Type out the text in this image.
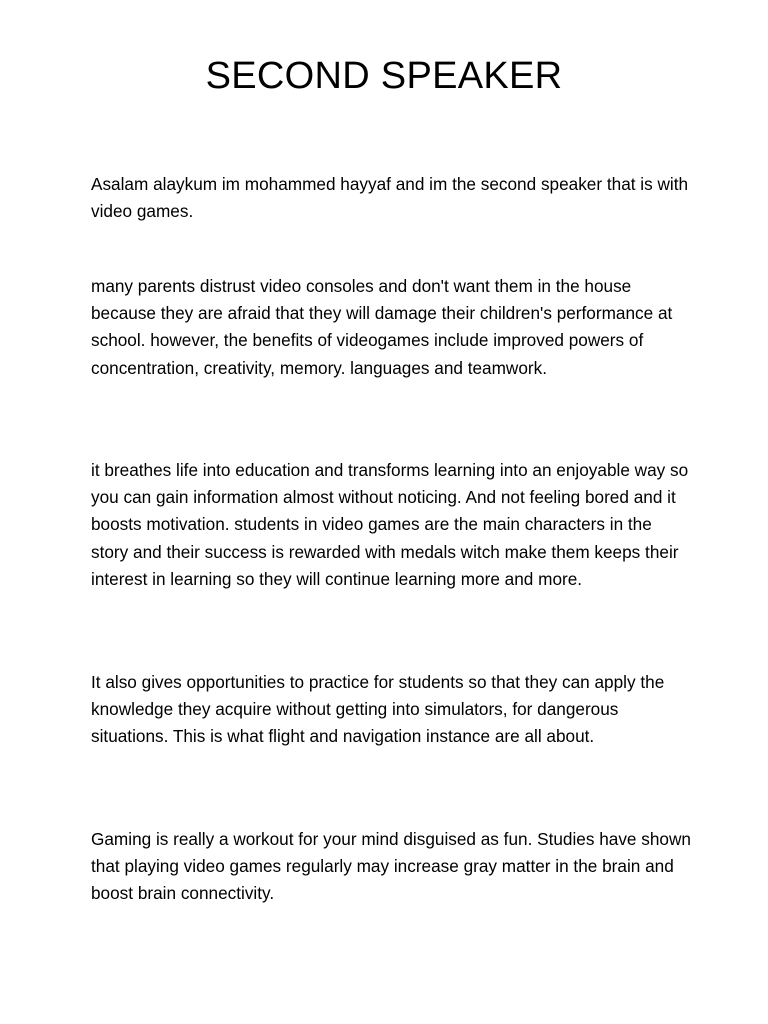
SECOND SPEAKER

Asalam alaykum im mohammed hayyaf and im the second speaker that is with video games.

many parents distrust video consoles and don't want them in the house because they are afraid that they will damage their children's performance at school. however, the benefits of videogames include improved powers of concentration, creativity, memory. languages and teamwork.

it breathes life into education and transforms learning into an enjoyable way so you can gain information almost without noticing. And not feeling bored and it boosts motivation. students in video games are the main characters in the story and their success is rewarded with medals witch make them keeps their interest in learning so they will continue learning more and more.

It also gives opportunities to practice for students so that they can apply the knowledge they acquire without getting into simulators, for dangerous situations. This is what flight and navigation instance are all about.

Gaming is really a workout for your mind disguised as fun. Studies have shown that playing video games regularly may increase gray matter in the brain and boost brain connectivity.
